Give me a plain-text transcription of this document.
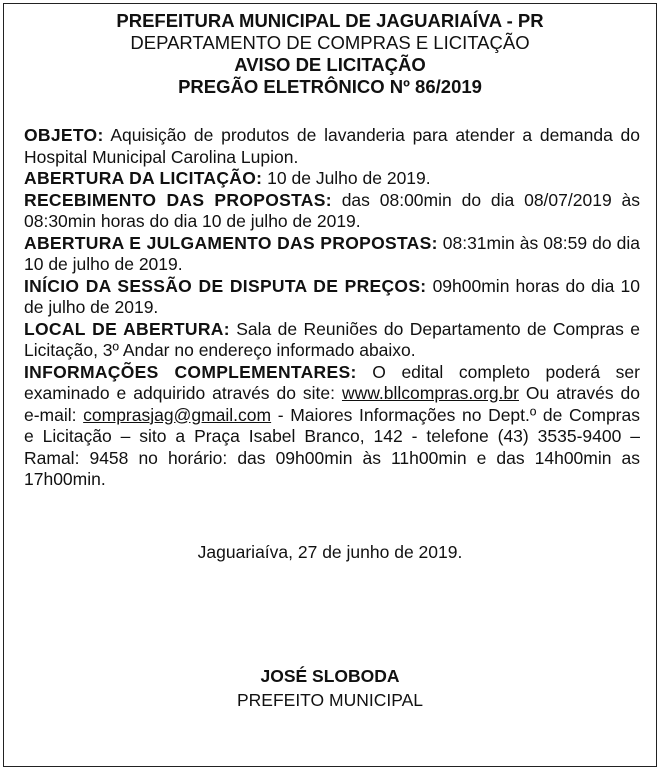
PREFEITURA MUNICIPAL DE JAGUARIAÍVA - PR
DEPARTAMENTO DE COMPRAS E LICITAÇÃO
AVISO DE LICITAÇÃO
PREGÃO ELETRÔNICO Nº 86/2019

OBJETO: Aquisição de produtos de lavanderia para atender a demanda do Hospital Municipal Carolina Lupion.

ABERTURA DA LICITAÇÃO: 10 de Julho de 2019.

RECEBIMENTO DAS PROPOSTAS: das 08:00min do dia 08/07/2019 às 08:30min horas do dia 10 de julho de 2019.

ABERTURA E JULGAMENTO DAS PROPOSTAS: 08:31min às 08:59 do dia 10 de julho de 2019.

INÍCIO DA SESSÃO DE DISPUTA DE PREÇOS: 09h00min horas do dia 10 de julho de 2019.

LOCAL DE ABERTURA: Sala de Reuniões do Departamento de Compras e Licitação, 3º Andar no endereço informado abaixo.

INFORMAÇÕES COMPLEMENTARES: O edital completo poderá ser examinado e adquirido através do site: www.bllcompras.org.br Ou através do e-mail: comprasjag@gmail.com - Maiores Informações no Dept.º de Compras e Licitação – sito a Praça Isabel Branco, 142 - telefone (43) 3535-9400 – Ramal: 9458 no horário: das 09h00min às 11h00min e das 14h00min as 17h00min.

Jaguariaíva, 27 de junho de 2019.
JOSÉ SLOBODA
PREFEITO MUNICIPAL
